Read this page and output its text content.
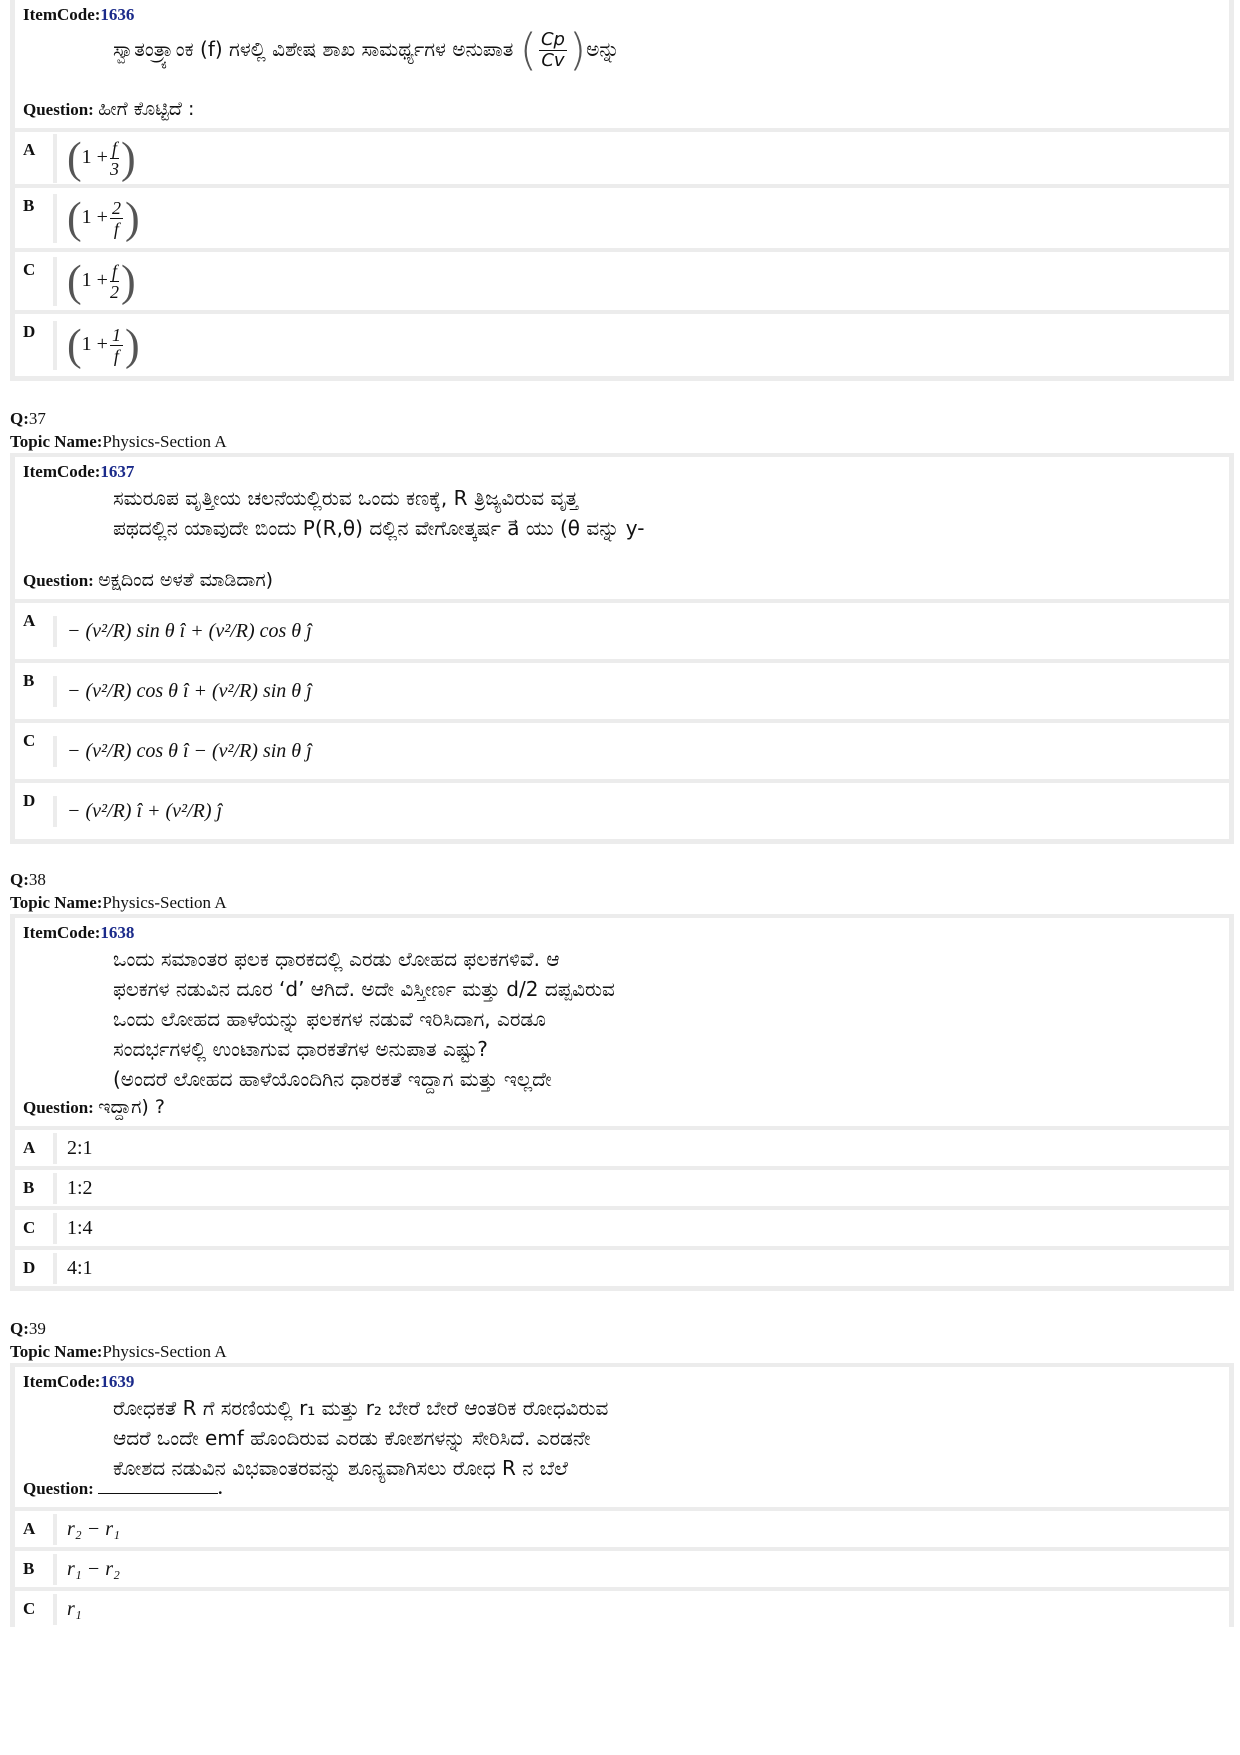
ItemCode:1636
ಸ್ವಾತಂತ್ರ್ಯಾಂಕ (f) ಗಳಲ್ಲಿ ವಿಶೇಷ ಶಾಖ ಸಾಮರ್ಥ್ಯಗಳ ಅನುಪಾತ ( $\frac{Cp}{Cv}$ )ಅನ್ನು
Question: ಹೀಗೆ ಕೊಟ್ಟಿದೆ :
A ($1 + \frac{f}{3}$ )
B ($1 + \frac{2}{f}$ )
C ($1 + \frac{f}{2}$ )
D ($1 + \frac{1}{f}$ )
Q:37
Topic Name:Physics-Section A
ItemCode:1637
ಸಮರೂಪ ವೃತ್ತೀಯ ಚಲನೆಯಲ್ಲಿರುವ ಒಂದು ಕಣಕ್ಕೆ, R ತ್ರಿಜ್ಯವಿರುವ ವೃತ್ತ
ಪಥದಲ್ಲಿನ ಯಾವುದೇ ಬಿಂದು P(R,θ) ದಲ್ಲಿನ ವೇಗೋತ್ಕರ್ಷ a⃗ ಯು (θ ವನ್ನು y-
Question: ಅಕ್ಷದಿಂದ ಅಳತೆ ಮಾಡಿದಾಗ)
A	− (v²/R) sin θ î + (v²/R) cos θ ĵ
B	− (v²/R) cos θ î + (v²/R) sin θ ĵ
C	− (v²/R) cos θ î − (v²/R) sin θ ĵ
D	− (v²/R) î + (v²/R) ĵ
Q:38
Topic Name:Physics-Section A
ItemCode:1638
ಒಂದು ಸಮಾಂತರ ಫಲಕ ಧಾರಕದಲ್ಲಿ ಎರಡು ಲೋಹದ ಫಲಕಗಳಿವೆ. ಆ
ಫಲಕಗಳ ನಡುವಿನ ದೂರ ‘d’ ಆಗಿದೆ. ಅದೇ ವಿಸ್ತೀರ್ಣ ಮತ್ತು d/2 ದಪ್ಪವಿರುವ
ಒಂದು ಲೋಹದ ಹಾಳೆಯನ್ನು ಫಲಕಗಳ ನಡುವೆ ಇರಿಸಿದಾಗ, ಎರಡೂ
ಸಂದರ್ಭಗಳಲ್ಲಿ ಉಂಟಾಗುವ ಧಾರಕತೆಗಳ ಅನುಪಾತ ಎಷ್ಟು?
(ಅಂದರೆ ಲೋಹದ ಹಾಳೆಯೊಂದಿಗಿನ ಧಾರಕತೆ ಇದ್ದಾಗ ಮತ್ತು ಇಲ್ಲದೇ
Question: ಇದ್ದಾಗ) ?
A	2:1
B	1:2
C	1:4
D	4:1
Q:39
Topic Name:Physics-Section A
ItemCode:1639
ರೋಧಕತೆ R ಗೆ ಸರಣಿಯಲ್ಲಿ r₁ ಮತ್ತು r₂ ಬೇರೆ ಬೇರೆ ಆಂತರಿಕ ರೋಧವಿರುವ
ಆದರೆ ಒಂದೇ emf ಹೊಂದಿರುವ ಎರಡು ಕೋಶಗಳನ್ನು ಸೇರಿಸಿದೆ. ಎರಡನೇ
ಕೋಶದ ನಡುವಿನ ವಿಭವಾಂತರವನ್ನು ಶೂನ್ಯವಾಗಿಸಲು ರೋಧ R ನ ಬೆಲೆ
Question:	.
A	r₂ − r₁
B	r₁ − r₂
C	r₁
